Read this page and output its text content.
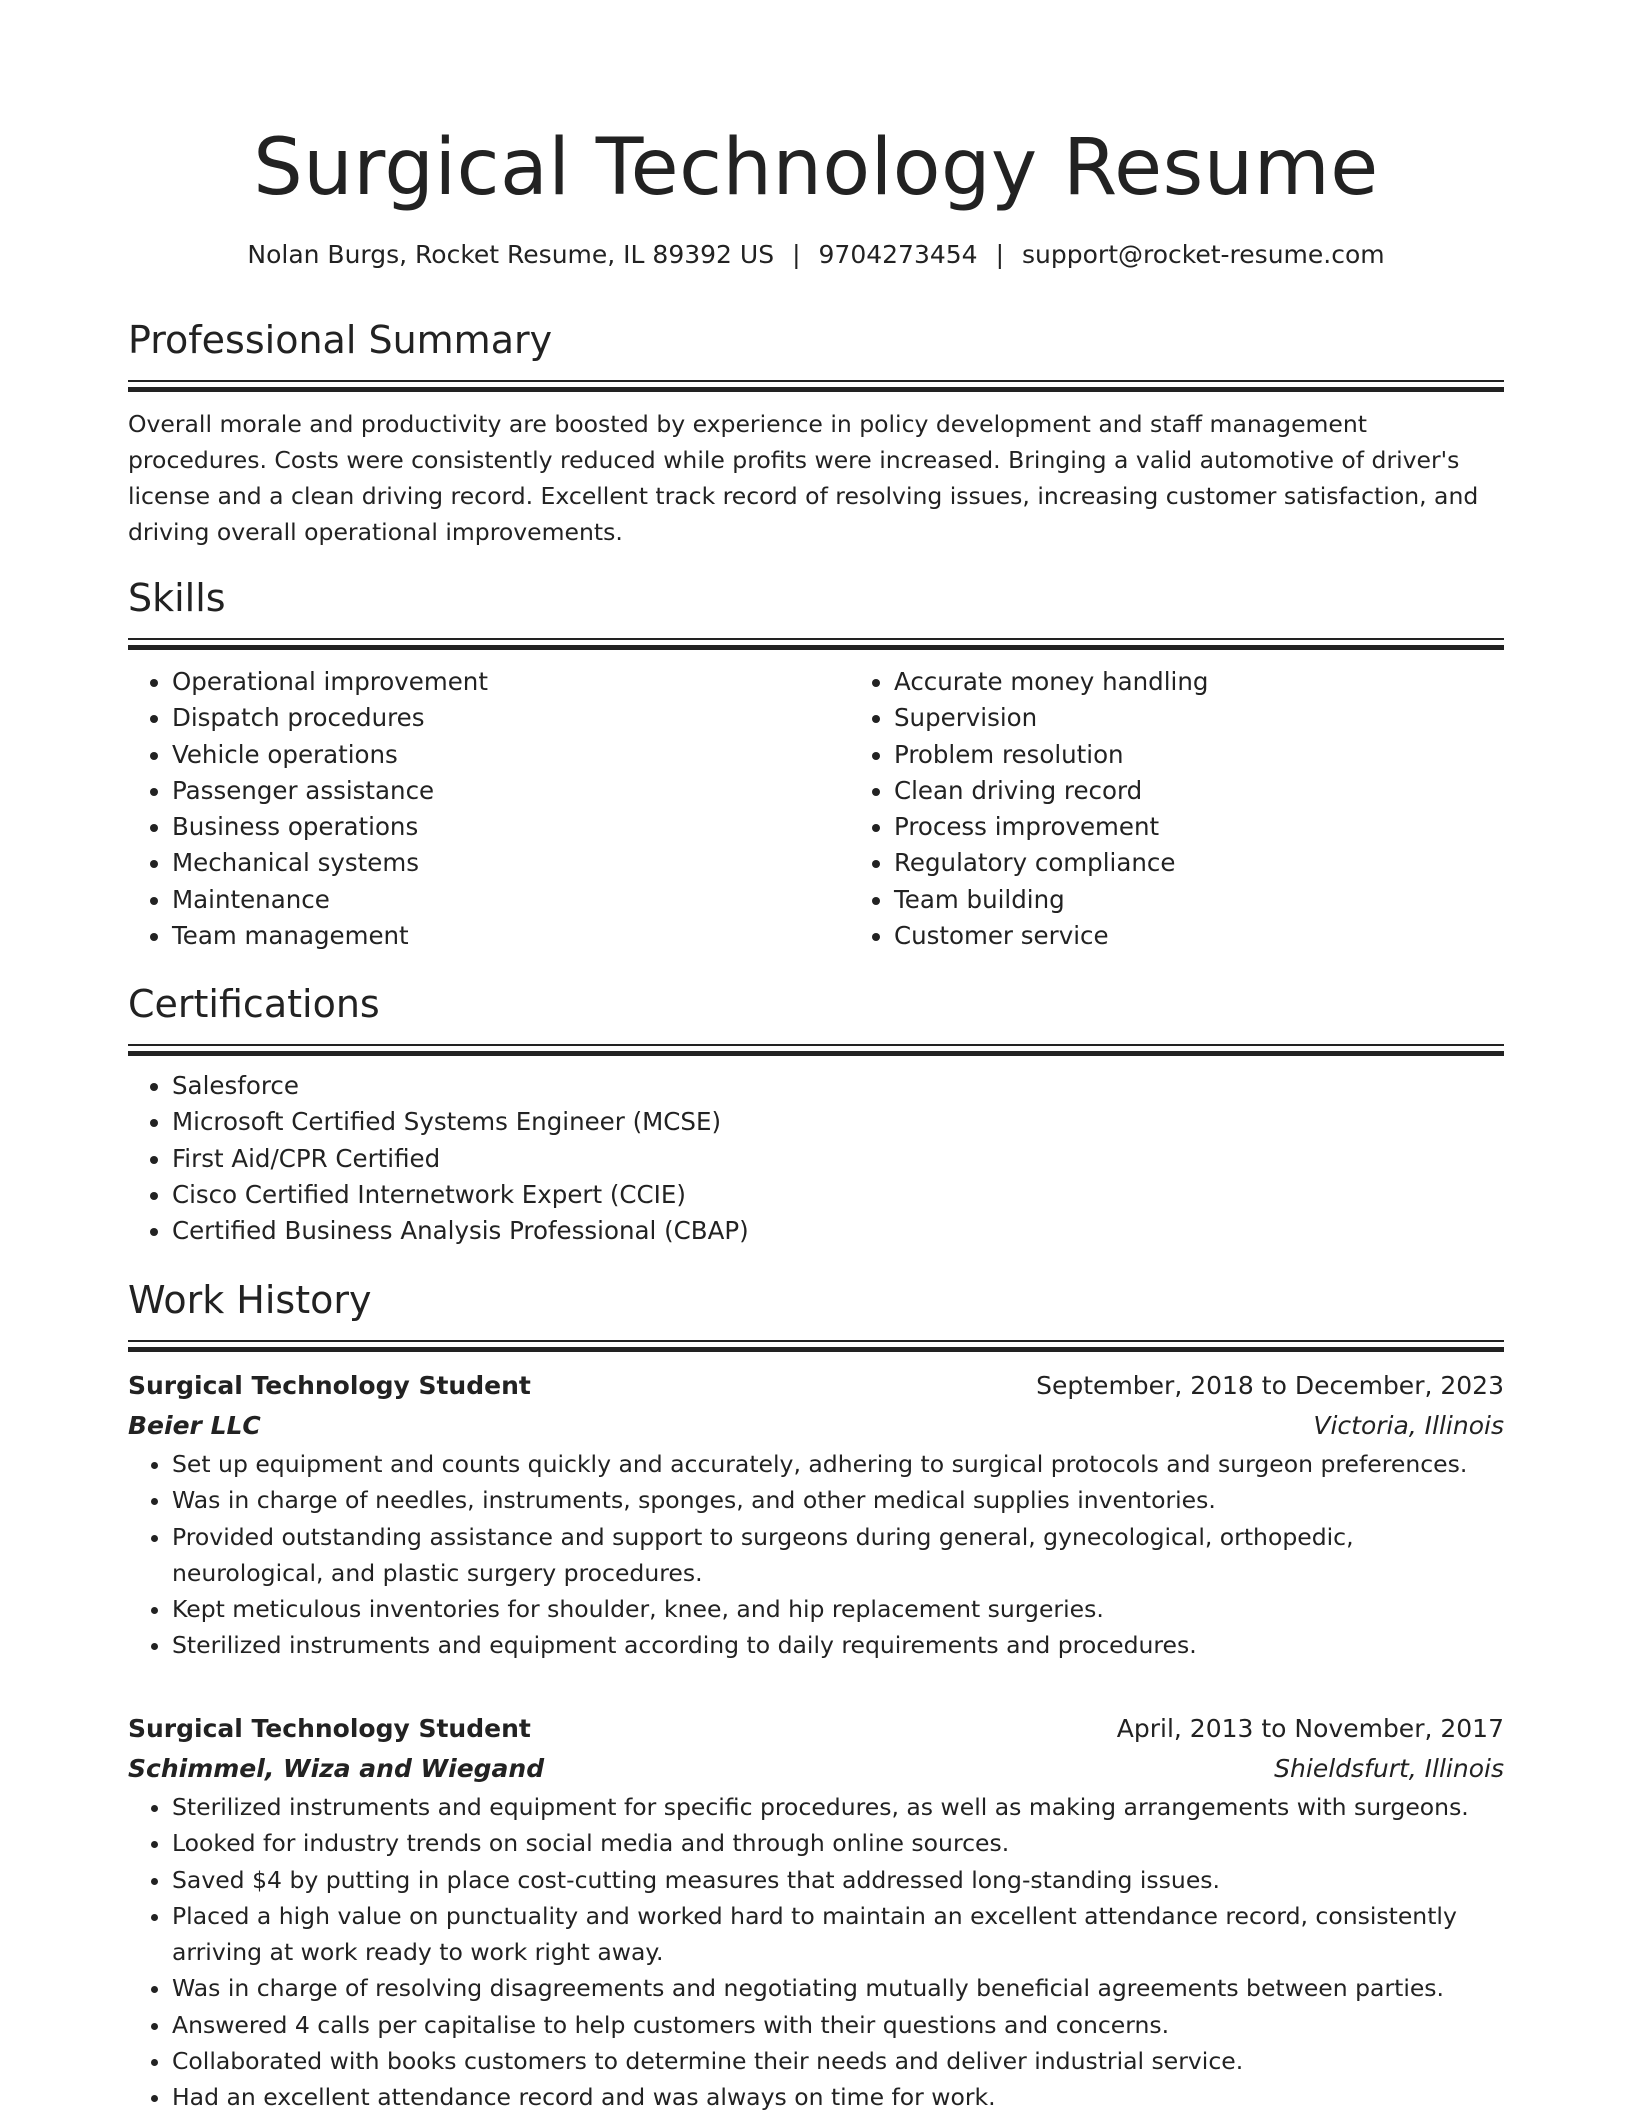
Surgical Technology Resume
Nolan Burgs, Rocket Resume, IL 89392 US | 9704273454 | support@rocket-resume.com
Professional Summary
Overall morale and productivity are boosted by experience in policy development and staff management procedures. Costs were consistently reduced while profits were increased. Bringing a valid automotive of driver's license and a clean driving record. Excellent track record of resolving issues, increasing customer satisfaction, and driving overall operational improvements.
Skills
• Operational improvement
• Dispatch procedures
• Vehicle operations
• Passenger assistance
• Business operations
• Mechanical systems
• Maintenance
• Team management
• Accurate money handling
• Supervision
• Problem resolution
• Clean driving record
• Process improvement
• Regulatory compliance
• Team building
• Customer service
Certifications
• Salesforce
• Microsoft Certified Systems Engineer (MCSE)
• First Aid/CPR Certified
• Cisco Certified Internetwork Expert (CCIE)
• Certified Business Analysis Professional (CBAP)
Work History
Surgical Technology Student	September, 2018 to December, 2023
Beier LLC	Victoria, Illinois
• Set up equipment and counts quickly and accurately, adhering to surgical protocols and surgeon preferences.
• Was in charge of needles, instruments, sponges, and other medical supplies inventories.
• Provided outstanding assistance and support to surgeons during general, gynecological, orthopedic, neurological, and plastic surgery procedures.
• Kept meticulous inventories for shoulder, knee, and hip replacement surgeries.
• Sterilized instruments and equipment according to daily requirements and procedures.
Surgical Technology Student	April, 2013 to November, 2017
Schimmel, Wiza and Wiegand	Shieldsfurt, Illinois
• Sterilized instruments and equipment for specific procedures, as well as making arrangements with surgeons.
• Looked for industry trends on social media and through online sources.
• Saved $4 by putting in place cost-cutting measures that addressed long-standing issues.
• Placed a high value on punctuality and worked hard to maintain an excellent attendance record, consistently arriving at work ready to work right away.
• Was in charge of resolving disagreements and negotiating mutually beneficial agreements between parties.
• Answered 4 calls per capitalise to help customers with their questions and concerns.
• Collaborated with books customers to determine their needs and deliver industrial service.
• Had an excellent attendance record and was always on time for work.
